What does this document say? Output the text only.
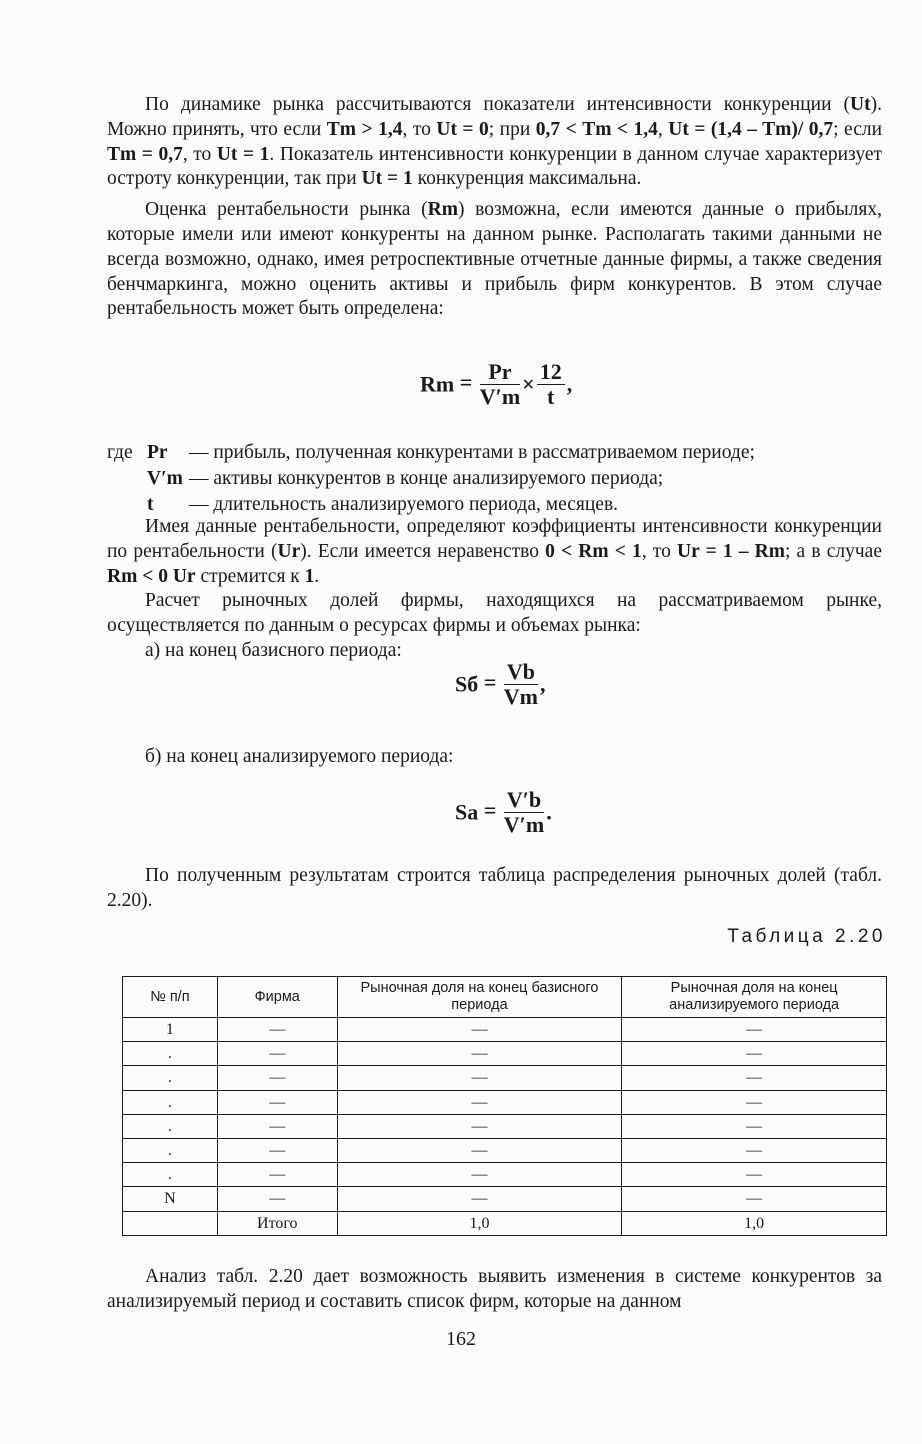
По динамике рынка рассчитываются показатели интенсивности конкуренции (Ut). Можно принять, что если Tm > 1,4, то Ut = 0; при 0,7 < Tm < 1,4, Ut = (1,4 – Tm)/ 0,7; если Tm = 0,7, то Ut = 1. Показатель интенсивности конкуренции в данном случае характеризует остроту конкуренции, так при Ut = 1 конкуренция максимальна.

Оценка рентабельности рынка (Rm) возможна, если имеются данные о прибылях, которые имели или имеют конкуренты на данном рынке. Располагать такими данными не всегда возможно, однако, имея ретроспективные отчетные данные фирмы, а также сведения бенчмаркинга, можно оценить активы и прибыль фирм конкурентов. В этом случае рентабельность может быть определена:

$Rm = \frac{Pr}{V'm} \times \frac{12}{t}$ ,
где Pr	— прибыль, полученная конкурентами в рассматриваемом периоде;
V′m — активы конкурентов в конце анализируемого периода;
t	— длительность анализируемого периода, месяцев.

Имея данные рентабельности, определяют коэффициенты интенсивности конкуренции по рентабельности (Ur). Если имеется неравенство 0 < Rm < 1, то Ur = 1 – Rm; а в случае Rm < 0 Ur стремится к 1.

Расчет рыночных долей фирмы, находящихся на рассматриваемом рынке, осуществляется по данным о ресурсах фирмы и объемах рынка:

а) на конец базисного периода:

Sб = $\frac{Vb}{Vm}$ ,

б) на конец анализируемого периода:

$Sa = \frac{V'b}{V'm}$ .

По полученным результатам строится таблица распределения рыночных долей (табл. 2.20).

Таблица 2.20
№ п/п	Фирма	Рыночная доля на конец базисного периода	Рыночная доля на конец анализируемого периода
1	—	—	—
.	—	—	—
.	—	—	—
.	—	—	—
.	—	—	—
.	—	—	—
.	—	—	—
N	—	—	—
	Итого	1,0	1,0

Анализ табл. 2.20 дает возможность выявить изменения в системе конкурентов за анализируемый период и составить список фирм, которые на данном

162
